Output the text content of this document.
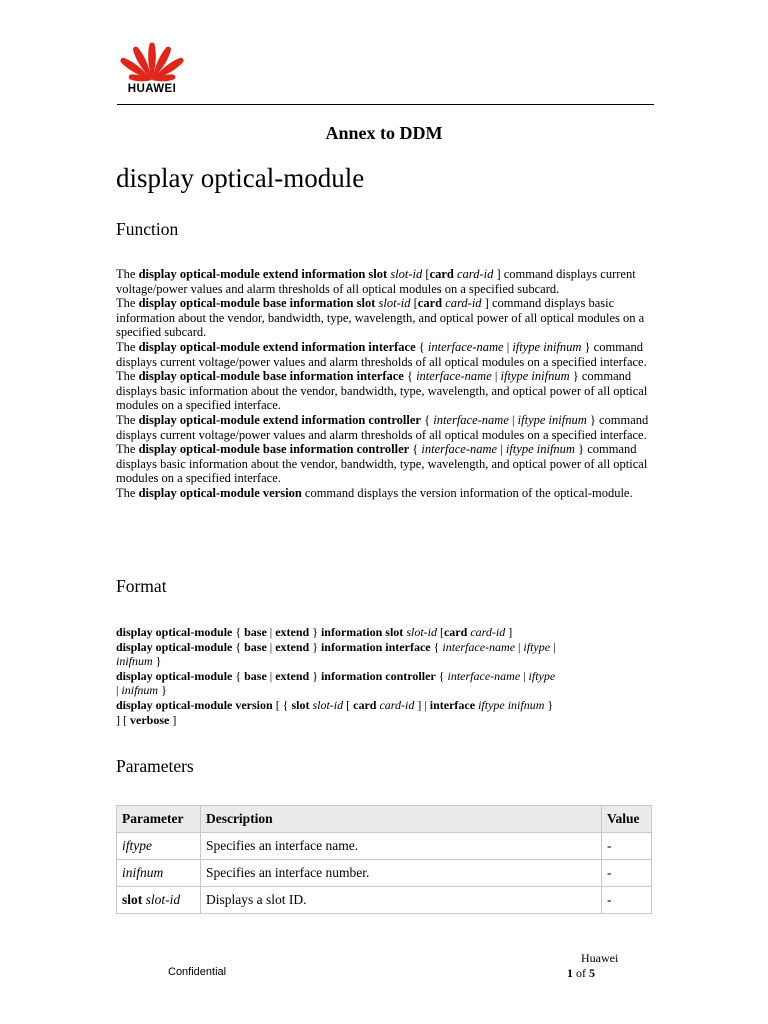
HUAWEI
Annex to DDM
display optical-module
Function

The display optical-module extend information slot slot-id [card card-id ] command displays current voltage/power values and alarm thresholds of all optical modules on a specified subcard.

The display optical-module base information slot slot-id [card card-id ] command displays basic information about the vendor, bandwidth, type, wavelength, and optical power of all optical modules on a specified subcard.

The display optical-module extend information interface { interface-name | iftype inifnum } command displays current voltage/power values and alarm thresholds of all optical modules on a specified interface.

The display optical-module base information interface { interface-name | iftype inifnum } command displays basic information about the vendor, bandwidth, type, wavelength, and optical power of all optical modules on a specified interface.

The display optical-module extend information controller { interface-name | iftype inifnum } command displays current voltage/power values and alarm thresholds of all optical modules on a specified interface.

The display optical-module base information controller { interface-name | iftype inifnum } command displays basic information about the vendor, bandwidth, type, wavelength, and optical power of all optical modules on a specified interface.

The display optical-module version command displays the version information of the optical-module.

Format

display optical-module { base | extend } information slot slot-id [card card-id ]

display optical-module { base | extend } information interface { interface-name | iftype | inifnum }

display optical-module { base | extend } information controller { interface-name | iftype | inifnum }

display optical-module version [ { slot slot-id [ card card-id ] | interface iftype inifnum } ] [ verbose ]

Parameters
Parameter	Description	Value
iftype	Specifies an interface name.	-
inifnum	Specifies an interface number.	-
slot slot-id	Displays a slot ID.	-
Huawei
Confidential	1 of 5
